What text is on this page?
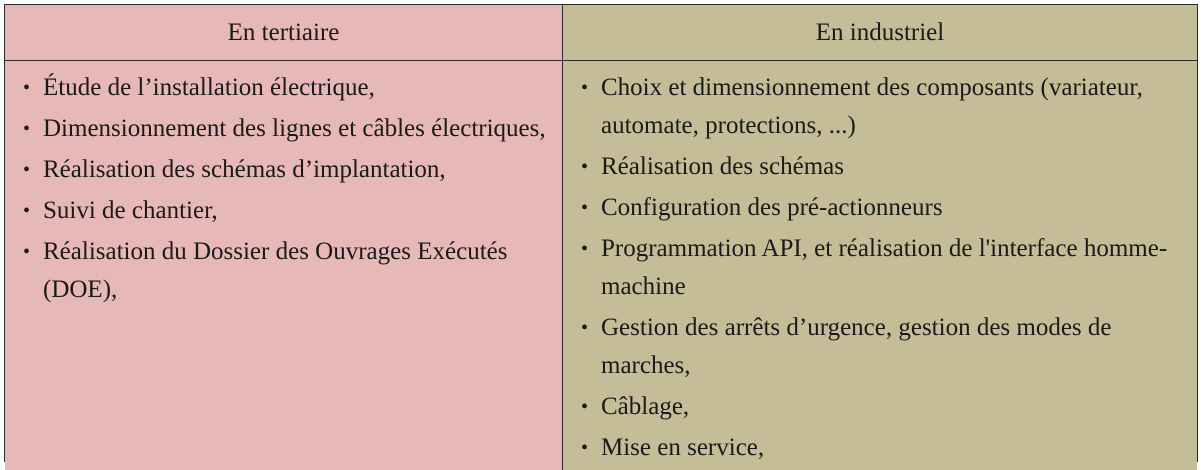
En tertiaire	En industriel
• Étude de l’installation électrique,
• Dimensionnement des lignes et câbles électriques,
• Réalisation des schémas d’implantation,
• Suivi de chantier,
• Réalisation du Dossier des Ouvrages Exécutés (DOE),
• Choix et dimensionnement des composants (variateur, automate, protections, ...)
• Réalisation des schémas
• Configuration des pré-actionneurs
• Programmation API, et réalisation de l'interface homme-machine
• Gestion des arrêts d’urgence, gestion des modes de marches,
• Câblage,
• Mise en service,
